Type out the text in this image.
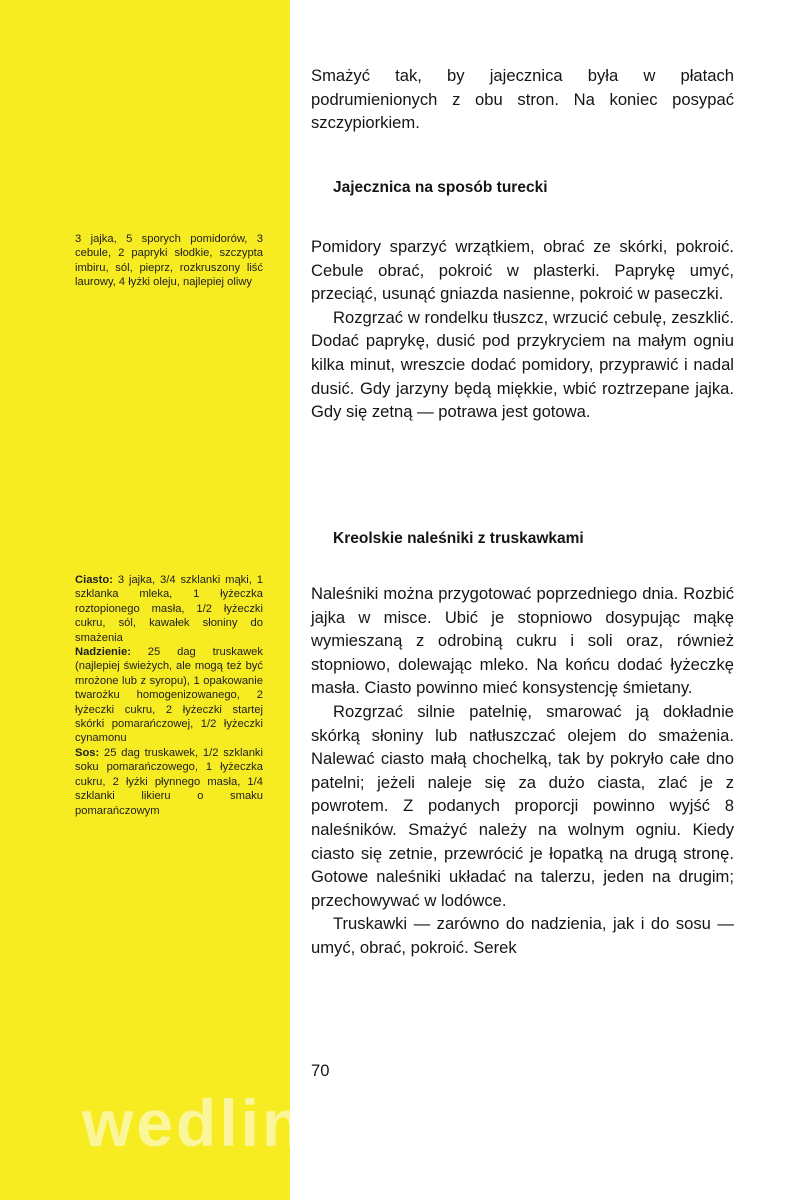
3 jajka, 5 sporych pomidorów, 3 cebule, 2 papryki słodkie, szczypta imbiru, sól, pieprz, rozkruszony liść laurowy, 4 łyżki oleju, najlepiej oliwy

Ciasto: 3 jajka, 3/4 szklanki mąki, 1 szklanka mleka, 1 łyżeczka roztopionego masła, 1/2 łyżeczki cukru, sól, kawałek słoniny do smażenia

Nadzienie: 25 dag truskawek (najlepiej świeżych, ale mogą też być mrożone lub z syropu), 1 opakowanie twarożku homogenizowanego, 2 łyżeczki cukru, 2 łyżeczki startej skórki pomarańczowej, 1/2 łyżeczki cynamonu

Sos: 25 dag truskawek, 1/2 szklanki soku pomarańczowego, 1 łyżeczka cukru, 2 łyżki płynnego masła, 1/4 szklanki likieru o smaku pomarańczowym

Smażyć tak, by jajecznica była w płatach podrumienionych z obu stron. Na koniec posypać szczypiorkiem.

Jajecznica na sposób turecki

Pomidory sparzyć wrzątkiem, obrać ze skórki, pokroić. Cebule obrać, pokroić w plasterki. Paprykę umyć, przeciąć, usunąć gniazda nasienne, pokroić w paseczki.

Rozgrzać w rondelku tłuszcz, wrzucić cebulę, zeszklić. Dodać paprykę, dusić pod przykryciem na małym ogniu kilka minut, wreszcie dodać pomidory, przyprawić i nadal dusić. Gdy jarzyny będą miękkie, wbić roztrzepane jajka. Gdy się zetną — potrawa jest gotowa.

Kreolskie naleśniki z truskawkami

Naleśniki można przygotować poprzedniego dnia. Rozbić jajka w misce. Ubić je stopniowo dosypując mąkę wymieszaną z odrobiną cukru i soli oraz, również stopniowo, dolewając mleko. Na końcu dodać łyżeczkę masła. Ciasto powinno mieć konsystencję śmietany.

Rozgrzać silnie patelnię, smarować ją dokładnie skórką słoniny lub natłuszczać olejem do smażenia. Nalewać ciasto małą chochelką, tak by pokryło całe dno patelni; jeżeli naleje się za dużo ciasta, zlać je z powrotem. Z podanych proporcji powinno wyjść 8 naleśników. Smażyć należy na wolnym ogniu. Kiedy ciasto się zetnie, przewrócić je łopatką na drugą stronę. Gotowe naleśniki układać na talerzu, jeden na drugim; przechowywać w lodówce.

Truskawki — zarówno do nadzienia, jak i do sosu — umyć, obrać, pokroić. Serek

70
wedlinydomowe.pl
